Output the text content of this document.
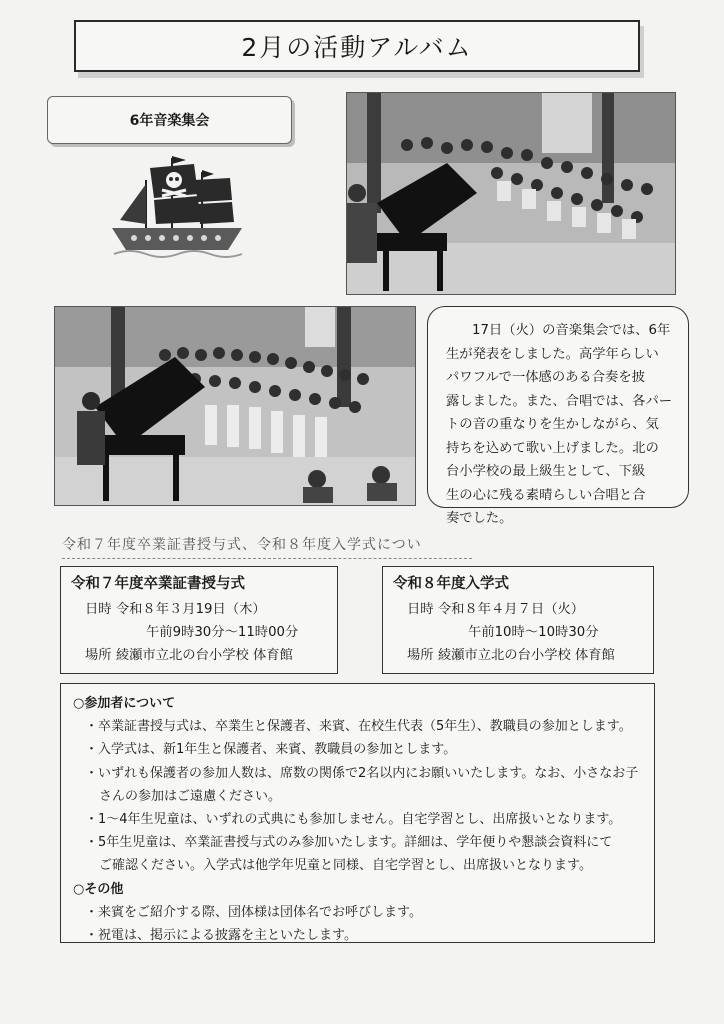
2月の活動アルバム
6年音楽集会
17日（火）の音楽集会では、6年
生が発表をしました。高学年らしい
パワフルで一体感のある合奏を披
露しました。また、合唱では、各パー
トの音の重なりを生かしながら、気
持ちを込めて歌い上げました。北の
台小学校の最上級生として、下級
生の心に残る素晴らしい合唱と合
奏でした。
令和７年度卒業証書授与式、令和８年度入学式につい
令和７年度卒業証書授与式
日時 令和８年３月19日（木）
午前9時30分～11時00分
場所 綾瀬市立北の台小学校 体育館
令和８年度入学式
日時 令和８年４月７日（火）
午前10時～10時30分
場所 綾瀬市立北の台小学校 体育館
○参加者について
・卒業証書授与式は、卒業生と保護者、来賓、在校生代表（5年生）、教職員の参加とします。
・入学式は、新1年生と保護者、来賓、教職員の参加とします。
・いずれも保護者の参加人数は、席数の関係で2名以内にお願いいたします。なお、小さなお子
さんの参加はご遠慮ください。
・1～4年生児童は、いずれの式典にも参加しません。自宅学習とし、出席扱いとなります。
・5年生児童は、卒業証書授与式のみ参加いたします。詳細は、学年便りや懇談会資料にて
ご確認ください。入学式は他学年児童と同様、自宅学習とし、出席扱いとなります。
○その他
・来賓をご紹介する際、団体様は団体名でお呼びします。
・祝電は、掲示による披露を主といたします。
